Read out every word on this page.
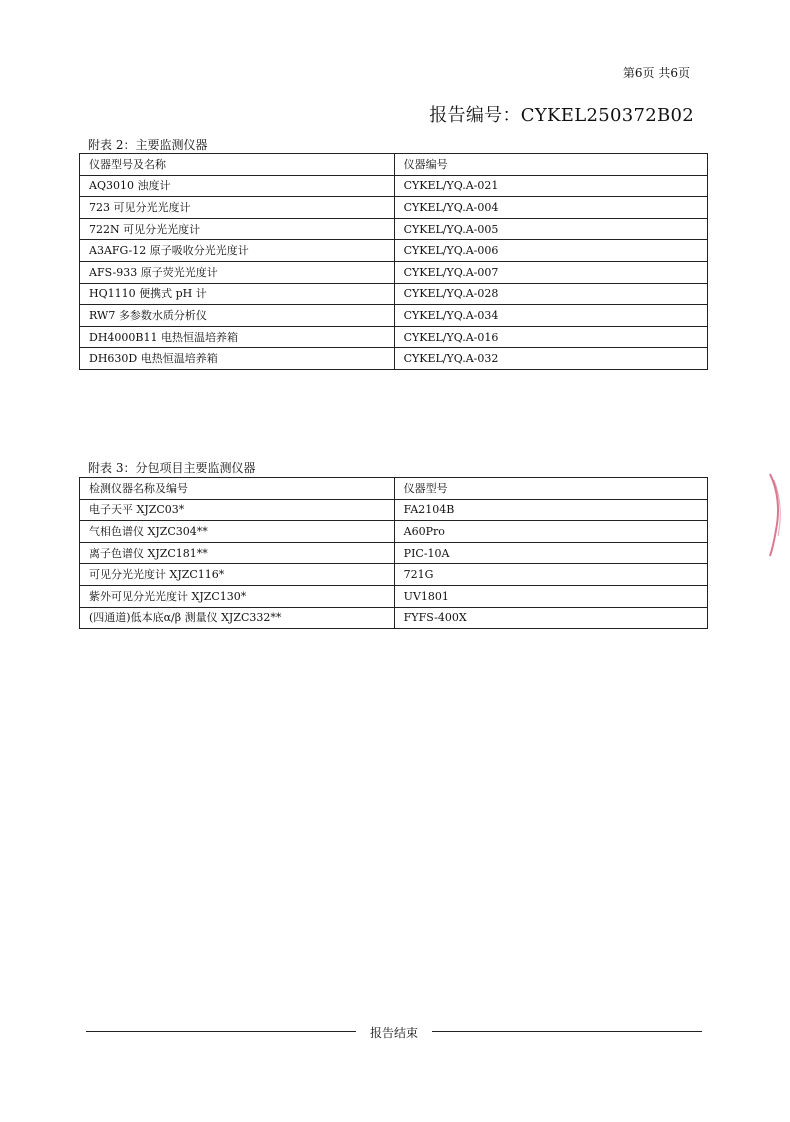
第6页 共6页
报告编号：CYKEL250372B02
附表 2：主要监测仪器
仪器型号及名称	仪器编号
AQ3010 浊度计	CYKEL/YQ.A-021
723 可见分光光度计	CYKEL/YQ.A-004
722N 可见分光光度计	CYKEL/YQ.A-005
A3AFG-12 原子吸收分光光度计	CYKEL/YQ.A-006
AFS-933 原子荧光光度计	CYKEL/YQ.A-007
HQ1110 便携式 pH 计	CYKEL/YQ.A-028
RW7 多参数水质分析仪	CYKEL/YQ.A-034
DH4000B11 电热恒温培养箱	CYKEL/YQ.A-016
DH630D 电热恒温培养箱	CYKEL/YQ.A-032
附表 3：分包项目主要监测仪器
检测仪器名称及编号	仪器型号
电子天平 XJZC03*	FA2104B
气相色谱仪 XJZC304**	A60Pro
离子色谱仪 XJZC181**	PIC-10A
可见分光光度计 XJZC116*	721G
紫外可见分光光度计 XJZC130*	UV1801
(四通道)低本底α/β 测量仪 XJZC332**	FYFS-400X
报告结束
